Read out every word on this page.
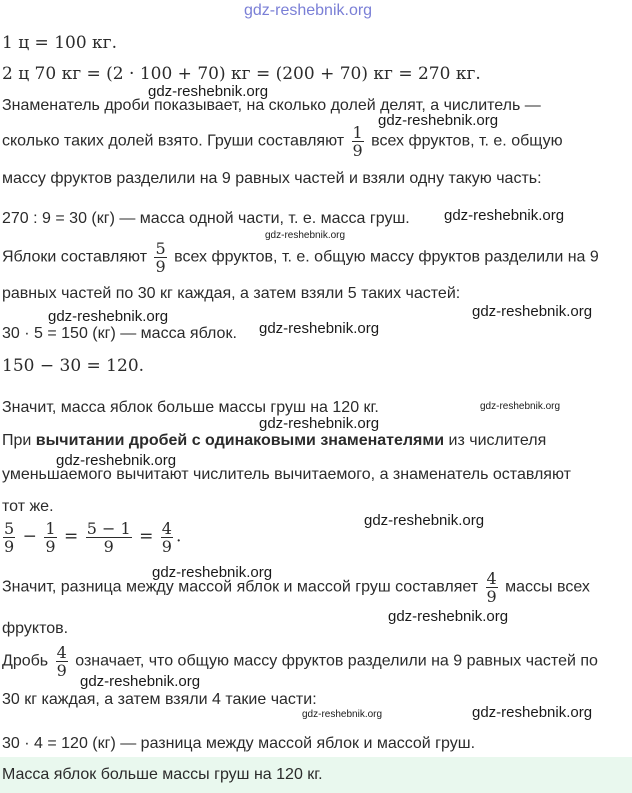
gdz-reshebnik.org
1 ц = 100 кг.
2 ц 70 кг = (2 · 100 + 70) кг = (200 + 70) кг = 270 кг.
Знаменатель дроби показывает, на сколько долей делят, а числитель —
сколько таких долей взято. Груши составляют $\frac{1}{9}$ всех фруктов, т. е. общую
массу фруктов разделили на 9 равных частей и взяли одну такую часть:
270 : 9 = 30 (кг) — масса одной части, т. е. масса груш.
Яблоки составляют $\frac{5}{9}$ всех фруктов, т. е. общую массу фруктов разделили на 9
равных частей по 30 кг каждая, а затем взяли 5 таких частей:
30 · 5 = 150 (кг) — масса яблок.
150 − 30 = 120.
Значит, масса яблок больше массы груш на 120 кг.
При вычитании дробей с одинаковыми знаменателями из числителя
уменьшаемого вычитают числитель вычитаемого, а знаменатель оставляют
тот же.
$\frac{5}{9} - \frac{1}{9} = \frac{5 - 1}{9} = \frac{4}{9}$ .
Значит, разница между массой яблок и массой груш составляет $\frac{4}{9}$ массы всех
фруктов.
Дробь $\frac{4}{9}$ означает, что общую массу фруктов разделили на 9 равных частей по
30 кг каждая, а затем взяли 4 такие части:
30 · 4 = 120 (кг) — разница между массой яблок и массой груш.
Масса яблок больше массы груш на 120 кг.
gdz-reshebnik.org
gdz-reshebnik.org
gdz-reshebnik.org
gdz-reshebnik.org
gdz-reshebnik.org
gdz-reshebnik.org
gdz-reshebnik.org
gdz-reshebnik.org
gdz-reshebnik.org
gdz-reshebnik.org
gdz-reshebnik.org
gdz-reshebnik.org
gdz-reshebnik.org
gdz-reshebnik.org
gdz-reshebnik.org	gdz-reshebnik.org
